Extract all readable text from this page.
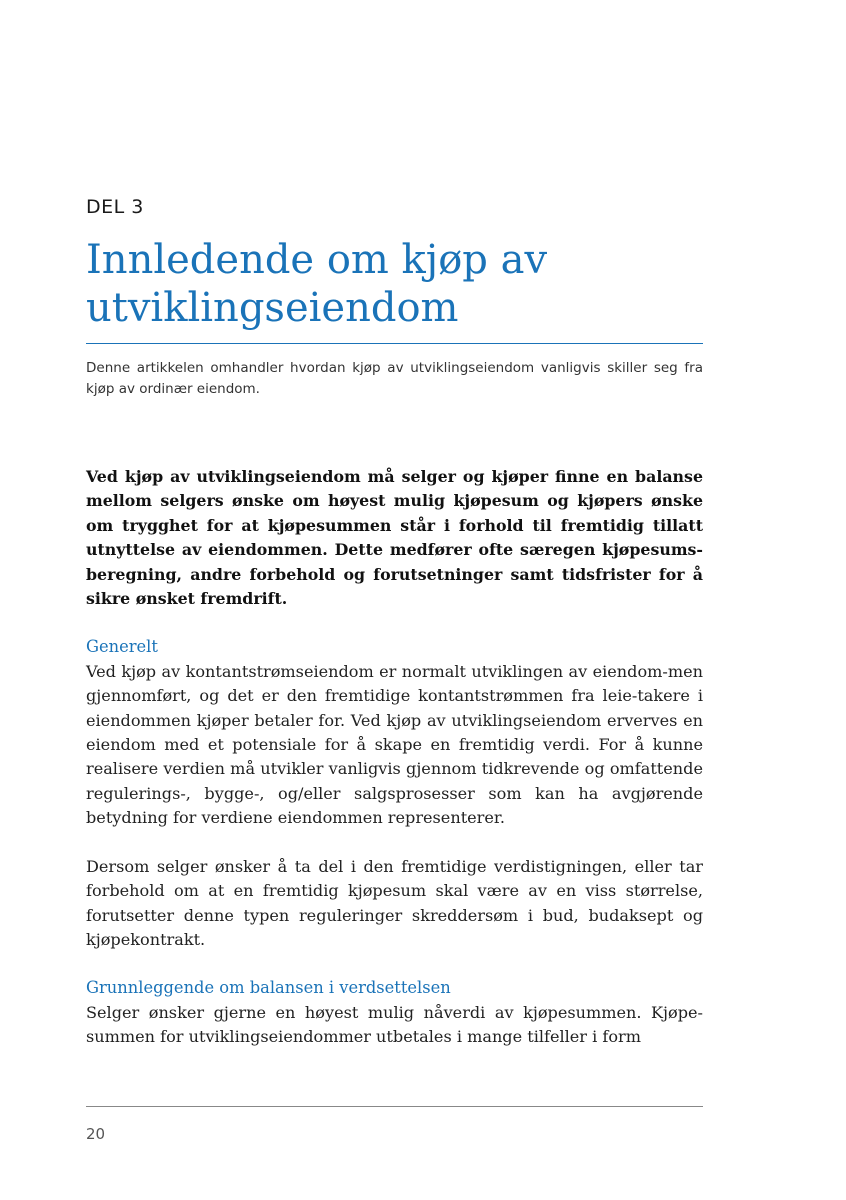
DEL 3

Innledende om kjøp av utviklingseiendom

Denne artikkelen omhandler hvordan kjøp av utviklingseiendom vanligvis skiller seg fra kjøp av ordinær eiendom.

Ved kjøp av utviklingseiendom må selger og kjøper finne en balanse mellom selgers ønske om høyest mulig kjøpesum og kjøpers ønske om trygghet for at kjøpesummen står i forhold til fremtidig tillatt utnyttelse av eiendommen. Dette medfører ofte særegen kjøpesums-beregning, andre forbehold og forutsetninger samt tidsfrister for å sikre ønsket fremdrift.

Generelt

Ved kjøp av kontantstrømseiendom er normalt utviklingen av eiendom-men gjennomført, og det er den fremtidige kontantstrømmen fra leie-takere i eiendommen kjøper betaler for. Ved kjøp av utviklingseiendom erverves en eiendom med et potensiale for å skape en fremtidig verdi. For å kunne realisere verdien må utvikler vanligvis gjennom tidkrevende og omfattende regulerings-, bygge-, og/eller salgsprosesser som kan ha avgjørende betydning for verdiene eiendommen representerer.

Dersom selger ønsker å ta del i den fremtidige verdistigningen, eller tar forbehold om at en fremtidig kjøpesum skal være av en viss størrelse, forutsetter denne typen reguleringer skreddersøm i bud, budaksept og kjøpekontrakt.

Grunnleggende om balansen i verdsettelsen

Selger ønsker gjerne en høyest mulig nåverdi av kjøpesummen. Kjøpe-summen for utviklingseiendommer utbetales i mange tilfeller i form

20
